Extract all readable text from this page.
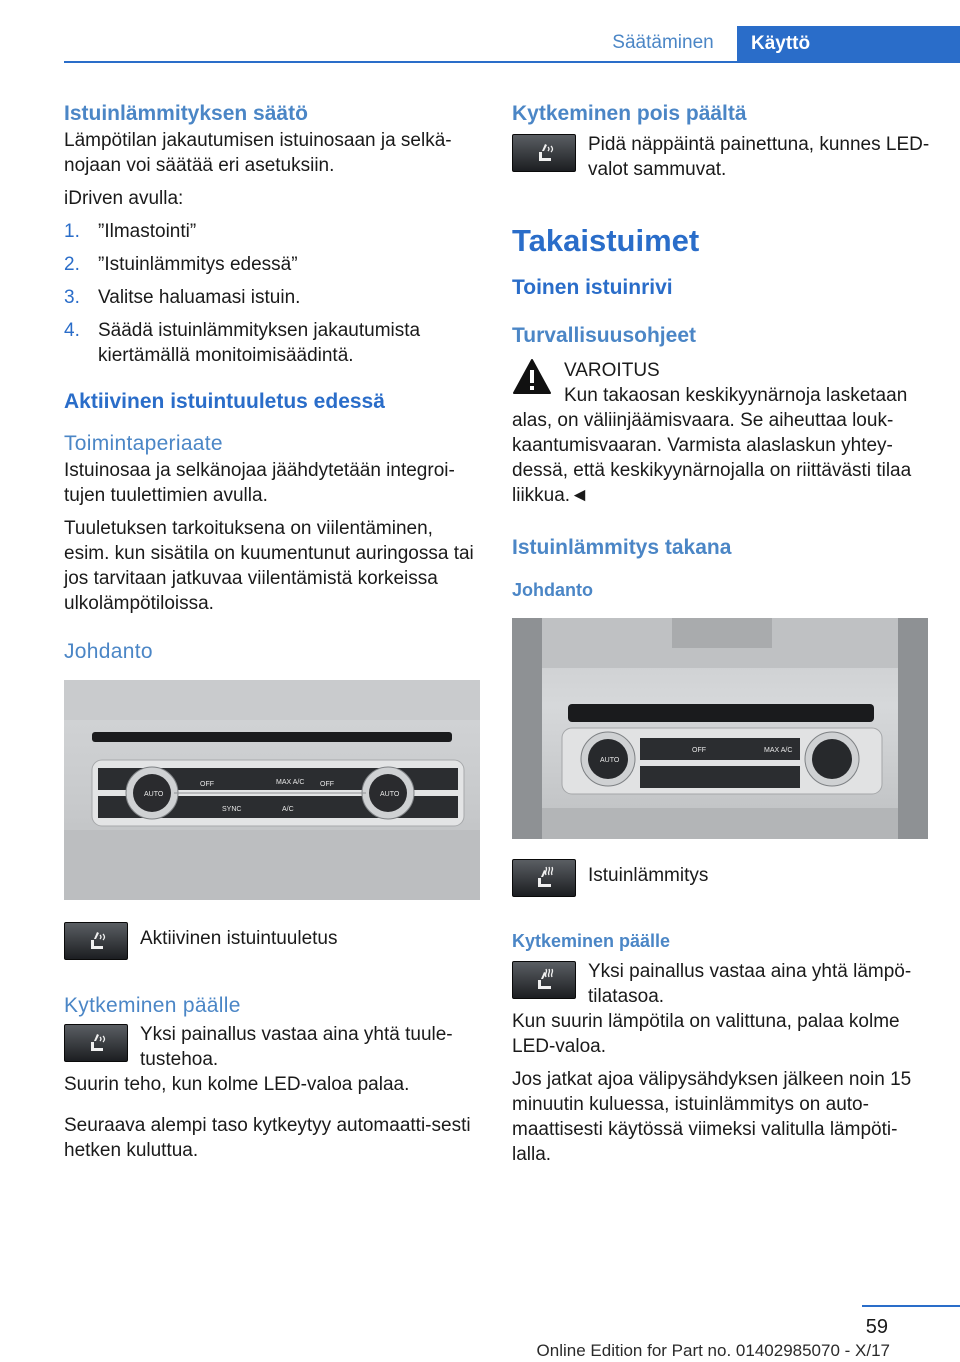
Säätäminen	Käyttö
Istuinlämmityksen säätö

Lämpötilan jakautumisen istuinosaan ja selkä-nojaan voi säätää eri asetuksiin.

iDriven avulla:

1. ”Ilmastointi”
2. ”Istuinlämmitys edessä”
3. Valitse haluamasi istuin.
4. Säädä istuinlämmityksen jakautumista kiertämällä monitoimisäädintä.
Aktiivinen istuintuuletus edessä
Toimintaperiaate

Istuinosaa ja selkänojaa jäähdytetään integroi-tujen tuulettimien avulla.

Tuuletuksen tarkoituksena on viilentäminen, esim. kun sisätila on kuumentunut auringossa tai jos tarvitaan jatkuvaa viilentämistä korkeissa ulkolämpötiloissa.

Johdanto
AUTO
OFF	MAX A/C
SYNC	A/C
OFF
AUTO

Aktiivinen istuintuuletus

Kytkeminen päälle

Yksi painallus vastaa aina yhtä tuule-tustehoa.

Suurin teho, kun kolme LED-valoa palaa.

Seuraava alempi taso kytkeytyy automaatti-sesti hetken kuluttua.

Kytkeminen pois päältä

Pidä näppäintä painettuna, kunnes LED-valot sammuvat.

Takaistuimet
Toinen istuinrivi
Turvallisuusohjeet

VAROITUS

Kun takaosan keskikyynärnoja lasketaan alas, on väliinjäämisvaara. Se aiheuttaa louk-kaantumisvaaran. Varmista alaslaskun yhtey-dessä, että keskikyynärnojalla on riittävästi tilaa liikkua.◄

Istuinlämmitys takana
Johdanto
AUTO
OFF	MAX A/C

Istuinlämmitys

Kytkeminen päälle

Yksi painallus vastaa aina yhtä lämpö-tilatasoa.

Kun suurin lämpötila on valittuna, palaa kolme LED-valoa.

Jos jatkat ajoa välipysähdyksen jälkeen noin 15 minuutin kuluessa, istuinlämmitys on auto-maattisesti käytössä viimeksi valitulla lämpöti-lalla.

59
Online Edition for Part no. 01402985070 - X/17
